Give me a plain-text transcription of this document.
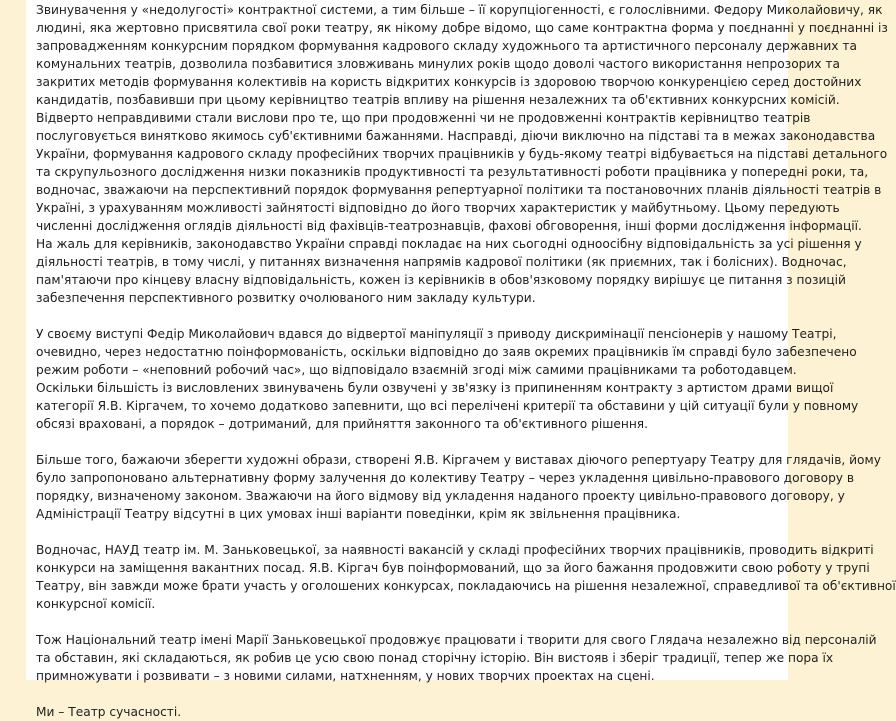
Звинувачення у «недолугості» контрактної системи, а тим більше – її корупціогенності, є голослівними. Федору Миколайовичу, як
людині, яка жертовно присвятила свої роки театру, як нікому добре відомо, що саме контрактна форма у поєднанні у поєднанні із
запровадженням конкурсним порядком формування кадрового складу художнього та артистичного персоналу державних та
комунальних театрів, дозволила позбавитися зловживань минулих років щодо доволі частого використання непрозорих та
закритих методів формування колективів на користь відкритих конкурсів із здоровою творчою конкуренцією серед достойних
кандидатів, позбавивши при цьому керівництво театрів впливу на рішення незалежних та об'єктивних конкурсних комісій.
Відверто неправдивими стали вислови про те, що при продовженні чи не продовженні контрактів керівництво театрів
послуговується винятково якимось суб'єктивними бажаннями. Насправді, діючи виключно на підставі та в межах законодавства
України, формування кадрового складу професійних творчих працівників у будь-якому театрі відбувається на підставі детального
та скрупульозного дослідження низки показників продуктивності та результативності роботи працівника у попередні роки, та,
водночас, зважаючи на перспективний порядок формування репертуарної політики та постановочних планів діяльності театрів в
Україні, з урахуванням можливості зайнятості відповідно до його творчих характеристик у майбутньому. Цьому передують
численні дослідження оглядів діяльності від фахівців-театрознавців, фахові обговорення, інші форми дослідження інформації.
На жаль для керівників, законодавство України справді покладає на них сьогодні одноосібну відповідальність за усі рішення у
діяльності театрів, в тому числі, у питаннях визначення напрямів кадрової політики (як приємних, так і болісних). Водночас,
пам'ятаючи про кінцеву власну відповідальність, кожен із керівників в обов'язковому порядку вирішує це питання з позицій
забезпечення перспективного розвитку очолюваного ним закладу культури.
У своєму виступі Федір Миколайович вдався до відвертої маніпуляції з приводу дискримінації пенсіонерів у нашому Театрі,
очевидно, через недостатню поінформованість, оскільки відповідно до заяв окремих працівників їм справді було забезпечено
режим роботи – «неповний робочий час», що відповідало взаємній згоді між самими працівниками та роботодавцем.
Оскільки більшість із висловлених звинувачень були озвучені у зв'язку із припиненням контракту з артистом драми вищої
категорії Я.В. Кіргачем, то хочемо додатково запевнити, що всі перелічені критерії та обставини у цій ситуації були у повному
обсязі враховані, а порядок – дотриманий, для прийняття законного та об'єктивного рішення.
Більше того, бажаючи зберегти художні образи, створені Я.В. Кіргачем у виставах діючого репертуару Театру для глядачів, йому
було запропоновано альтернативну форму залучення до колективу Театру – через укладення цивільно-правового договору в
порядку, визначеному законом. Зважаючи на його відмову від укладення наданого проекту цивільно-правового договору, у
Адміністрації Театру відсутні в цих умовах інші варіанти поведінки, крім як звільнення працівника.
Водночас, НАУД театр ім. М. Заньковецької, за наявності вакансій у складі професійних творчих працівників, проводить відкриті
конкурси на заміщення вакантних посад. Я.В. Кіргач був поінформований, що за його бажання продовжити свою роботу у трупі
Театру, він завжди може брати участь у оголошених конкурсах, покладаючись на рішення незалежної, справедливої та об'єктивної
конкурсної комісії.
Тож Національний театр імені Марії Заньковецької продовжує працювати і творити для свого Глядача незалежно від персоналій
та обставин, які складаються, як робив це усю свою понад сторічну історію. Він вистояв і зберіг традиції, тепер же пора їх
примножувати і розвивати – з новими силами, натхненням, у нових творчих проектах на сцені.
Ми – Театр сучасності.
